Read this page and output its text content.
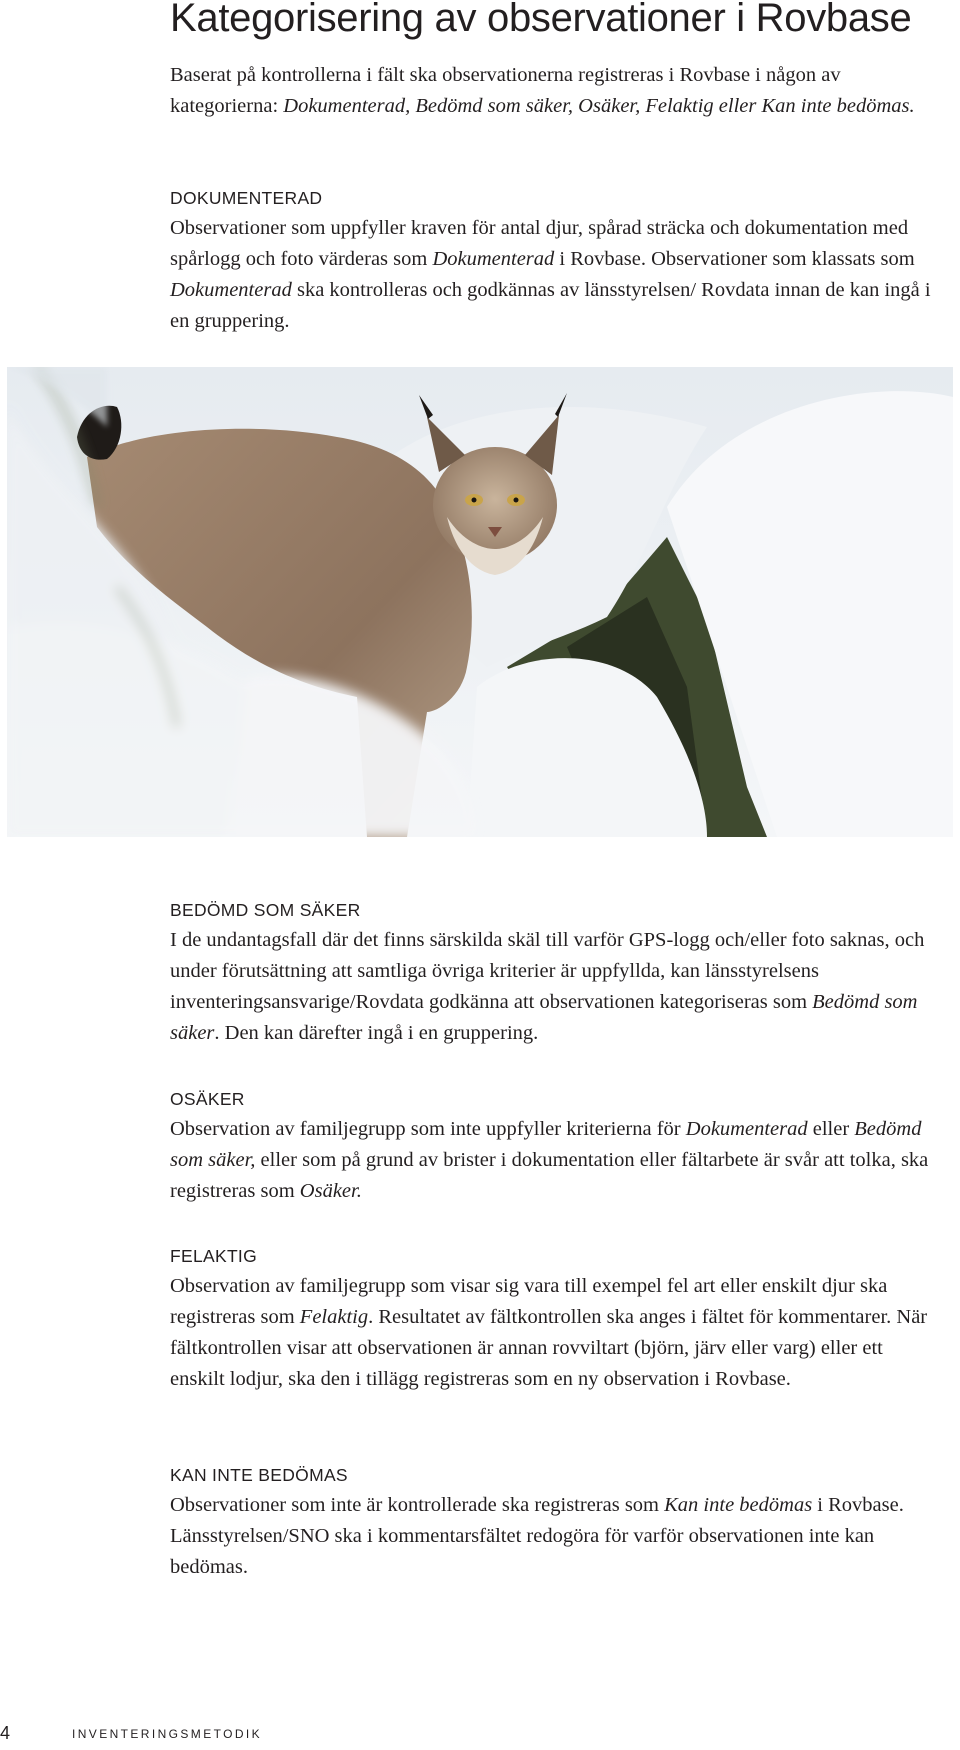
Kategorisering av observationer i Rovbase

Baserat på kontrollerna i fält ska observationerna registreras i Rovbase i någon av kategorierna: Dokumenterad, Bedömd som säker, Osäker, Felaktig eller Kan inte bedömas.

DOKUMENTERAD

Observationer som uppfyller kraven för antal djur, spårad sträcka och dokumentation med spårlogg och foto värderas som Dokumenterad i Rovbase. Observationer som klassats som Dokumenterad ska kontrolleras och godkännas av länsstyrelsen/ Rovdata innan de kan ingå i en gruppering.

BEDÖMD SOM SÄKER

I de undantagsfall där det finns särskilda skäl till varför GPS-logg och/eller foto saknas, och under förutsättning att samtliga övriga kriterier är uppfyllda, kan länsstyrelsens inventeringsansvarige/Rovdata godkänna att observationen kategoriseras som Bedömd som säker. Den kan därefter ingå i en gruppering.

OSÄKER

Observation av familjegrupp som inte uppfyller kriterierna för Dokumenterad eller Bedömd som säker, eller som på grund av brister i dokumentation eller fältarbete är svår att tolka, ska registreras som Osäker.

FELAKTIG

Observation av familjegrupp som visar sig vara till exempel fel art eller enskilt djur ska registreras som Felaktig. Resultatet av fältkontrollen ska anges i fältet för kommentarer. När fältkontrollen visar att observationen är annan rovviltart (björn, järv eller varg) eller ett enskilt lodjur, ska den i tillägg registreras som en ny observation i Rovbase.

KAN INTE BEDÖMAS

Observationer som inte är kontrollerade ska registreras som Kan inte bedömas i Rovbase. Länsstyrelsen/SNO ska i kommentarsfältet redogöra för varför observationen inte kan bedömas.

4	INVENTERINGSMETODIK
